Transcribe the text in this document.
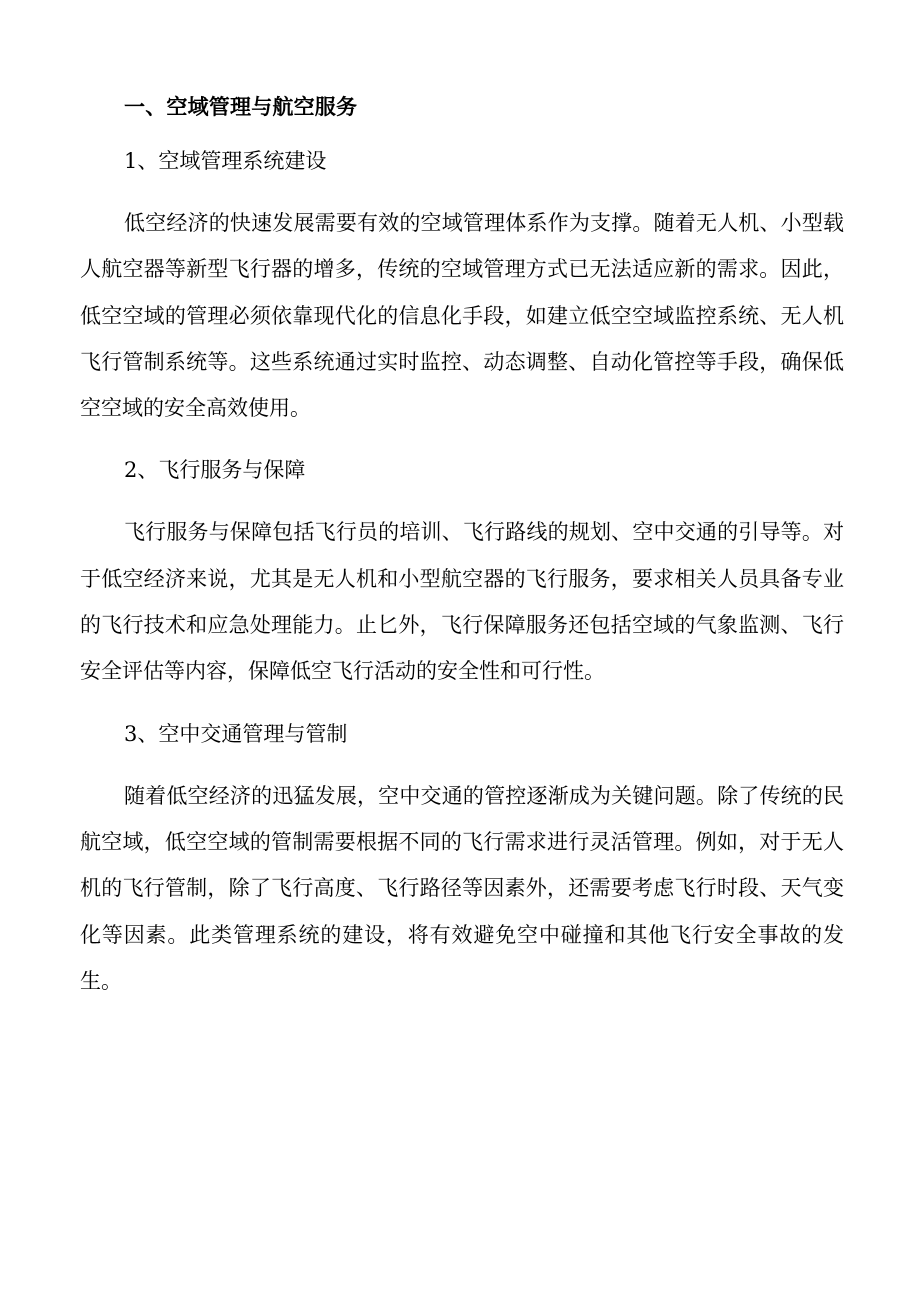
一、空域管理与航空服务
1、空域管理系统建设

低空经济的快速发展需要有效的空域管理体系作为支撑。随着无人机、小型载人航空器等新型飞行器的增多，传统的空域管理方式已无法适应新的需求。因此，低空空域的管理必须依靠现代化的信息化手段，如建立低空空域监控系统、无人机飞行管制系统等。这些系统通过实时监控、动态调整、自动化管控等手段，确保低空空域的安全高效使用。

2、飞行服务与保障

飞行服务与保障包括飞行员的培训、飞行路线的规划、空中交通的引导等。对于低空经济来说，尤其是无人机和小型航空器的飞行服务，要求相关人员具备专业的飞行技术和应急处理能力。止匕外，飞行保障服务还包括空域的气象监测、飞行安全评估等内容，保障低空飞行活动的安全性和可行性。

3、空中交通管理与管制

随着低空经济的迅猛发展，空中交通的管控逐渐成为关键问题。除了传统的民航空域，低空空域的管制需要根据不同的飞行需求进行灵活管理。例如，对于无人机的飞行管制，除了飞行高度、飞行路径等因素外，还需要考虑飞行时段、天气变化等因素。此类管理系统的建设，将有效避免空中碰撞和其他飞行安全事故的发生。
